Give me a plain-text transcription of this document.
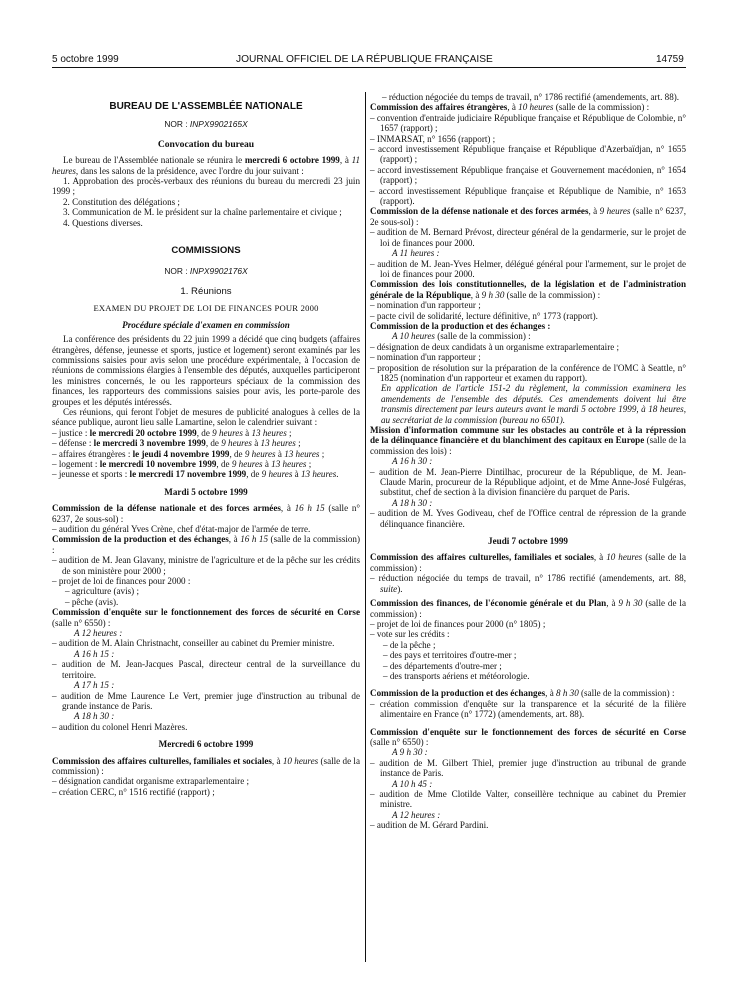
5 octobre 1999	JOURNAL OFFICIEL DE LA RÉPUBLIQUE FRANÇAISE	14759

BUREAU DE L'ASSEMBLÉE NATIONALE

NOR : INPX9902165X

Convocation du bureau

Le bureau de l'Assemblée nationale se réunira le mercredi 6 octobre 1999, à 11 heures, dans les salons de la présidence, avec l'ordre du jour suivant :

1. Approbation des procès-verbaux des réunions du bureau du mercredi 23 juin 1999 ;

2. Constitution des délégations ;

3. Communication de M. le président sur la chaîne parlementaire et civique ;

4. Questions diverses.

COMMISSIONS

NOR : INPX9902176X

1. Réunions

EXAMEN DU PROJET DE LOI DE FINANCES POUR 2000

Procédure spéciale d'examen en commission

La conférence des présidents du 22 juin 1999 a décidé que cinq budgets (affaires étrangères, défense, jeunesse et sports, justice et logement) seront examinés par les commissions saisies pour avis selon une procédure expérimentale, à l'occasion de réunions de commissions élargies à l'ensemble des députés, auxquelles participeront les ministres concernés, le ou les rapporteurs spéciaux de la commission des finances, les rapporteurs des commissions saisies pour avis, les porte-parole des groupes et les députés intéressés.

Ces réunions, qui feront l'objet de mesures de publicité analogues à celles de la séance publique, auront lieu salle Lamartine, selon le calendrier suivant :

– justice : le mercredi 20 octobre 1999, de 9 heures à 13 heures ;

– défense : le mercredi 3 novembre 1999, de 9 heures à 13 heures ;

– affaires étrangères : le jeudi 4 novembre 1999, de 9 heures à 13 heures ;

– logement : le mercredi 10 novembre 1999, de 9 heures à 13 heures ;

– jeunesse et sports : le mercredi 17 novembre 1999, de 9 heures à 13 heures.

Mardi 5 octobre 1999

Commission de la défense nationale et des forces armées, à 16 h 15 (salle n° 6237, 2e sous-sol) :

– audition du général Yves Crène, chef d'état-major de l'armée de terre.

Commission de la production et des échanges, à 16 h 15 (salle de la commission) :

– audition de M. Jean Glavany, ministre de l'agriculture et de la pêche sur les crédits de son ministère pour 2000 ;

– projet de loi de finances pour 2000 :

– agriculture (avis) ;

– pêche (avis).

Commission d'enquête sur le fonctionnement des forces de sécurité en Corse (salle n° 6550) :

A 12 heures :

– audition de M. Alain Christnacht, conseiller au cabinet du Premier ministre.

A 16 h 15 :

– audition de M. Jean-Jacques Pascal, directeur central de la surveillance du territoire.

A 17 h 15 :

– audition de Mme Laurence Le Vert, premier juge d'instruction au tribunal de grande instance de Paris.

A 18 h 30 :

– audition du colonel Henri Mazères.

Mercredi 6 octobre 1999

Commission des affaires culturelles, familiales et sociales, à 10 heures (salle de la commission) :

– désignation candidat organisme extraparlementaire ;

– création CERC, n° 1516 rectifié (rapport) ;

– réduction négociée du temps de travail, n° 1786 rectifié (amendements, art. 88).

Commission des affaires étrangères, à 10 heures (salle de la commission) :

– convention d'entraide judiciaire République française et République de Colombie, n° 1657 (rapport) ;

– INMARSAT, n° 1656 (rapport) ;

– accord investissement République française et République d'Azerbaïdjan, n° 1655 (rapport) ;

– accord investissement République française et Gouvernement macédonien, n° 1654 (rapport) ;

– accord investissement République française et République de Namibie, n° 1653 (rapport).

Commission de la défense nationale et des forces armées, à 9 heures (salle n° 6237, 2e sous-sol) :

– audition de M. Bernard Prévost, directeur général de la gendarmerie, sur le projet de loi de finances pour 2000.

A 11 heures :

– audition de M. Jean-Yves Helmer, délégué général pour l'armement, sur le projet de loi de finances pour 2000.

Commission des lois constitutionnelles, de la législation et de l'administration générale de la République, à 9 h 30 (salle de la commission) :

– nomination d'un rapporteur ;

– pacte civil de solidarité, lecture définitive, n° 1773 (rapport).

Commission de la production et des échanges :

A 10 heures (salle de la commission) :

– désignation de deux candidats à un organisme extraparlementaire ;

– nomination d'un rapporteur ;

– proposition de résolution sur la préparation de la conférence de l'OMC à Seattle, n° 1825 (nomination d'un rapporteur et examen du rapport).

En application de l'article 151-2 du règlement, la commission examinera les amendements de l'ensemble des députés. Ces amendements doivent lui être transmis directement par leurs auteurs avant le mardi 5 octobre 1999, à 18 heures, au secrétariat de la commission (bureau no 6501).

Mission d'information commune sur les obstacles au contrôle et à la répression de la délinquance financière et du blanchiment des capitaux en Europe (salle de la commission des lois) :

A 16 h 30 :

– audition de M. Jean-Pierre Dintilhac, procureur de la République, de M. Jean-Claude Marin, procureur de la République adjoint, et de Mme Anne-José Fulgéras, substitut, chef de section à la division financière du parquet de Paris.

A 18 h 30 :

– audition de M. Yves Godiveau, chef de l'Office central de répression de la grande délinquance financière.

Jeudi 7 octobre 1999

Commission des affaires culturelles, familiales et sociales, à 10 heures (salle de la commission) :

– réduction négociée du temps de travail, n° 1786 rectifié (amendements, art. 88, suite).

Commission des finances, de l'économie générale et du Plan, à 9 h 30 (salle de la commission) :

– projet de loi de finances pour 2000 (n° 1805) ;

– vote sur les crédits :

– de la pêche ;

– des pays et territoires d'outre-mer ;

– des départements d'outre-mer ;

– des transports aériens et météorologie.

Commission de la production et des échanges, à 8 h 30 (salle de la commission) :

– création commission d'enquête sur la transparence et la sécurité de la filière alimentaire en France (n° 1772) (amendements, art. 88).

Commission d'enquête sur le fonctionnement des forces de sécurité en Corse (salle n° 6550) :

A 9 h 30 :

– audition de M. Gilbert Thiel, premier juge d'instruction au tribunal de grande instance de Paris.

A 10 h 45 :

– audition de Mme Clotilde Valter, conseillère technique au cabinet du Premier ministre.

A 12 heures :

– audition de M. Gérard Pardini.
